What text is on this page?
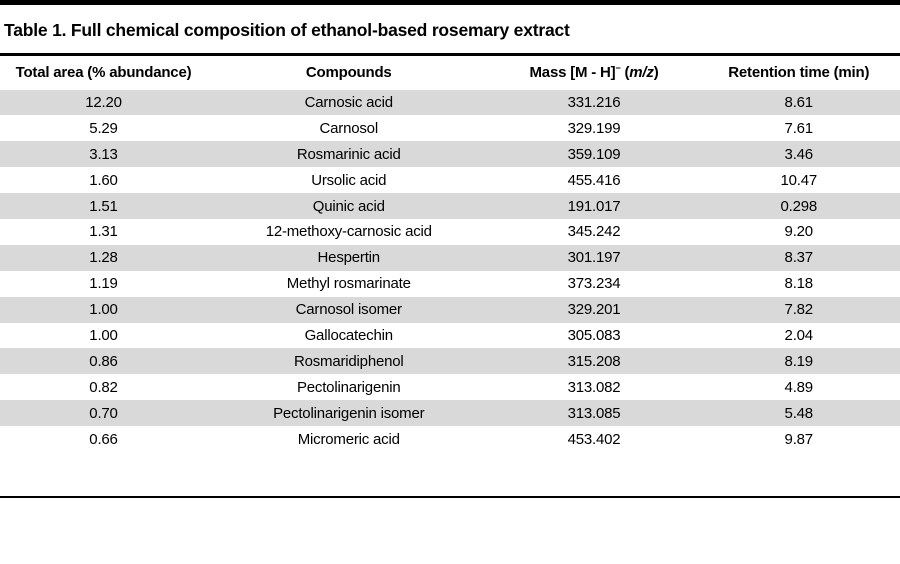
Table 1. Full chemical composition of ethanol-based rosemary extract
Total area (% abundance)	Compounds	Mass [M - H]− (m/z)	Retention time (min)
12.20	Carnosic acid	331.216	8.61
5.29	Carnosol	329.199	7.61
3.13	Rosmarinic acid	359.109	3.46
1.60	Ursolic acid	455.416	10.47
1.51	Quinic acid	191.017	0.298
1.31	12-methoxy-carnosic acid	345.242	9.20
1.28	Hespertin	301.197	8.37
1.19	Methyl rosmarinate	373.234	8.18
1.00	Carnosol isomer	329.201	7.82
1.00	Gallocatechin	305.083	2.04
0.86	Rosmaridiphenol	315.208	8.19
0.82	Pectolinarigenin	313.082	4.89
0.70	Pectolinarigenin isomer	313.085	5.48
0.66	Micromeric acid	453.402	9.87
